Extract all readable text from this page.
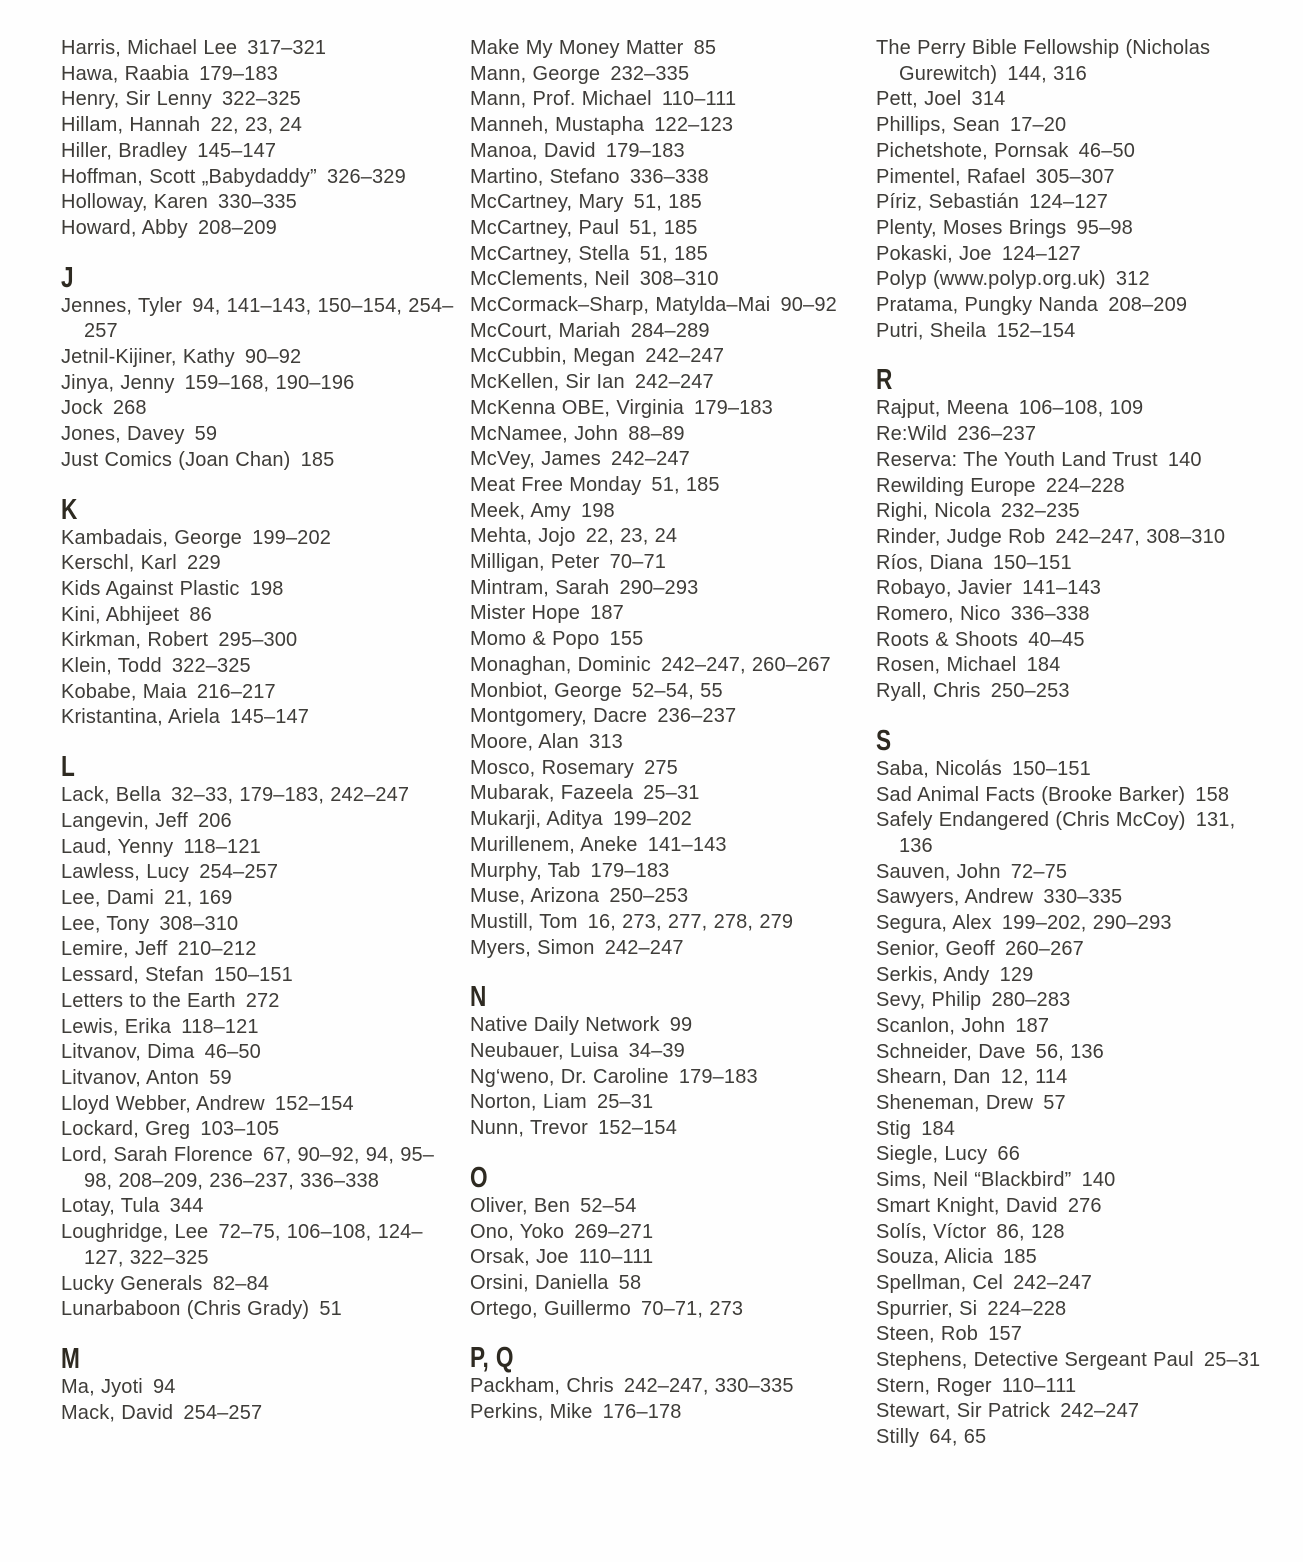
Harris, Michael Lee  317–321

Hawa, Raabia  179–183

Henry, Sir Lenny  322–325

Hillam, Hannah  22, 23, 24

Hiller, Bradley  145–147

Hoffman, Scott „Babydaddy”  326–329

Holloway, Karen  330–335

Howard, Abby  208–209

J

Jennes, Tyler  94, 141–143, 150–154, 254–257

Jetnil-Kijiner, Kathy  90–92

Jinya, Jenny  159–168, 190–196

Jock  268

Jones, Davey  59

Just Comics (Joan Chan)  185

K

Kambadais, George  199–202

Kerschl, Karl  229

Kids Against Plastic  198

Kini, Abhijeet  86

Kirkman, Robert  295–300

Klein, Todd  322–325

Kobabe, Maia  216–217

Kristantina, Ariela  145–147

L

Lack, Bella  32–33, 179–183, 242–247

Langevin, Jeff  206

Laud, Yenny  118–121

Lawless, Lucy  254–257

Lee, Dami  21, 169

Lee, Tony  308–310

Lemire, Jeff  210–212

Lessard, Stefan  150–151

Letters to the Earth  272

Lewis, Erika  118–121

Litvanov, Dima  46–50

Litvanov, Anton  59

Lloyd Webber, Andrew  152–154

Lockard, Greg  103–105

Lord, Sarah Florence  67, 90–92, 94, 95–98, 208–209, 236–237, 336–338

Lotay, Tula  344

Loughridge, Lee  72–75, 106–108, 124–127, 322–325

Lucky Generals  82–84

Lunarbaboon (Chris Grady)  51

M

Ma, Jyoti  94

Mack, David  254–257

Make My Money Matter  85

Mann, George  232–335

Mann, Prof. Michael  110–111

Manneh, Mustapha  122–123

Manoa, David  179–183

Martino, Stefano  336–338

McCartney, Mary  51, 185

McCartney, Paul  51, 185

McCartney, Stella  51, 185

McClements, Neil  308–310

McCormack–Sharp, Matylda–Mai  90–92

McCourt, Mariah  284–289

McCubbin, Megan  242–247

McKellen, Sir Ian  242–247

McKenna OBE, Virginia  179–183

McNamee, John  88–89

McVey, James  242–247

Meat Free Monday  51, 185

Meek, Amy  198

Mehta, Jojo  22, 23, 24

Milligan, Peter  70–71

Mintram, Sarah  290–293

Mister Hope  187

Momo & Popo  155

Monaghan, Dominic  242–247, 260–267

Monbiot, George  52–54, 55

Montgomery, Dacre  236–237

Moore, Alan  313

Mosco, Rosemary  275

Mubarak, Fazeela  25–31

Mukarji, Aditya  199–202

Murillenem, Aneke  141–143

Murphy, Tab  179–183

Muse, Arizona  250–253

Mustill, Tom  16, 273, 277, 278, 279

Myers, Simon  242–247

N

Native Daily Network  99

Neubauer, Luisa  34–39

Ng‘weno, Dr. Caroline  179–183

Norton, Liam  25–31

Nunn, Trevor  152–154

O

Oliver, Ben  52–54

Ono, Yoko  269–271

Orsak, Joe  110–111

Orsini, Daniella  58

Ortego, Guillermo  70–71, 273

P, Q

Packham, Chris  242–247, 330–335

Perkins, Mike  176–178

The Perry Bible Fellowship (Nicholas Gurewitch)  144, 316

Pett, Joel  314

Phillips, Sean  17–20

Pichetshote, Pornsak  46–50

Pimentel, Rafael  305–307

Píriz, Sebastián  124–127

Plenty, Moses Brings  95–98

Pokaski, Joe  124–127

Polyp (www.polyp.org.uk)  312

Pratama, Pungky Nanda  208–209

Putri, Sheila  152–154

R

Rajput, Meena  106–108, 109

Re:Wild  236–237

Reserva: The Youth Land Trust  140

Rewilding Europe  224–228

Righi, Nicola  232–235

Rinder, Judge Rob  242–247, 308–310

Ríos, Diana  150–151

Robayo, Javier  141–143

Romero, Nico  336–338

Roots & Shoots  40–45

Rosen, Michael  184

Ryall, Chris  250–253

S

Saba, Nicolás  150–151

Sad Animal Facts (Brooke Barker)  158

Safely Endangered (Chris McCoy)  131, 136

Sauven, John  72–75

Sawyers, Andrew  330–335

Segura, Alex  199–202, 290–293

Senior, Geoff  260–267

Serkis, Andy  129

Sevy, Philip  280–283

Scanlon, John  187

Schneider, Dave  56, 136

Shearn, Dan  12, 114

Sheneman, Drew  57

Stig  184

Siegle, Lucy  66

Sims, Neil “Blackbird”  140

Smart Knight, David  276

Solís, Víctor  86, 128

Souza, Alicia  185

Spellman, Cel  242–247

Spurrier, Si  224–228

Steen, Rob  157

Stephens, Detective Sergeant Paul  25–31

Stern, Roger  110–111

Stewart, Sir Patrick  242–247

Stilly  64, 65
